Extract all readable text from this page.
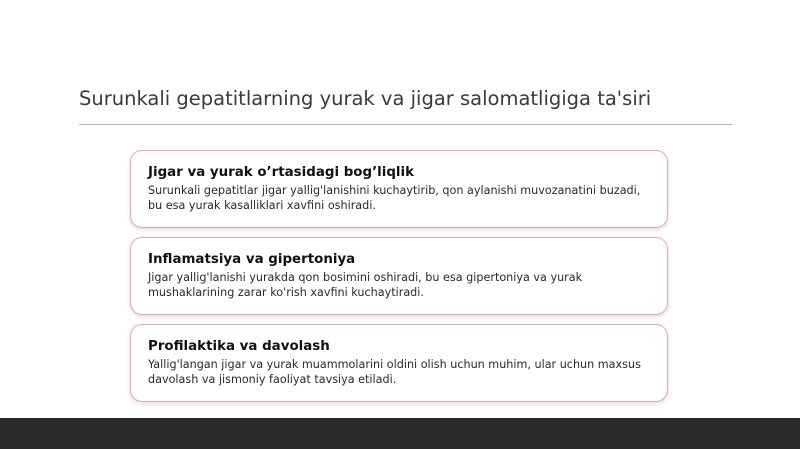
Surunkali gepatitlarning yurak va jigar salomatligiga ta'siri
Jigar va yurak o’rtasidagi bog’liqlik
Surunkali gepatitlar jigar yallig'lanishini kuchaytirib, qon aylanishi muvozanatini buzadi, bu esa yurak kasalliklari xavfini oshiradi.
Inflamatsiya va gipertoniya
Jigar yallig'lanishi yurakda qon bosimini oshiradi, bu esa gipertoniya va yurak mushaklarining zarar ko'rish xavfini kuchaytiradi.
Profilaktika va davolash
Yallig'langan jigar va yurak muammolarini oldini olish uchun muhim, ular uchun maxsus davolash va jismoniy faoliyat tavsiya etiladi.
